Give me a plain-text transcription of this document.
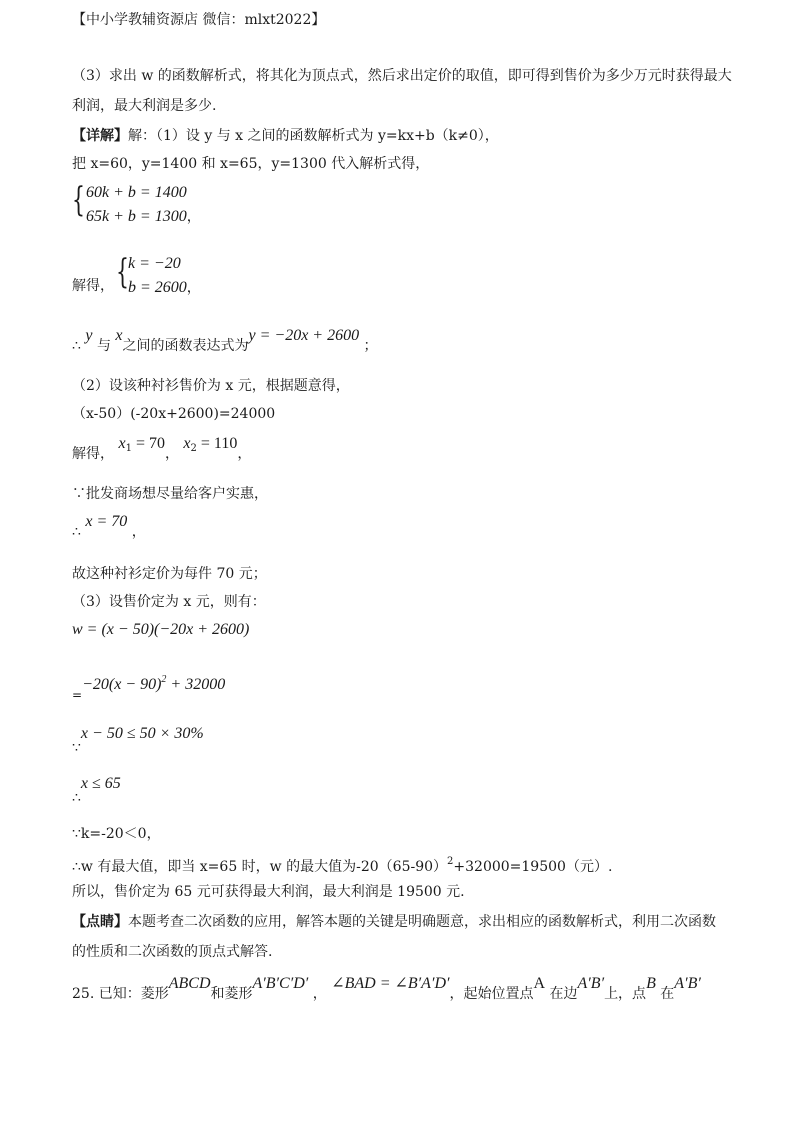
【中小学教辅资源店 微信：mlxt2022】
（3）求出 w 的函数解析式，将其化为顶点式，然后求出定价的取值，即可得到售价为多少万元时获得最大
利润，最大利润是多少.
【详解】解：（1）设 y 与 x 之间的函数解析式为 y=kx+b（k≠0），
把 x=60，y=1400 和 x=65，y=1300 代入解析式得，
{ 60k + b = 1400
65k + b = 1300，
解得， { k = −20
b = 2600，
∴ y 与 x之间的函数表达式为y = −20x + 2600 ；
（2）设该种衬衫售价为 x 元，根据题意得，
（x-50）(-20x+2600)=24000
解得， $x_1 = 70$， $x_2 = 110$，
∵批发商场想尽量给客户实惠，
∴ x = 70 ，
故这种衬衫定价为每件 70 元；
（3）设售价定为 x 元，则有：
w = (x − 50)(−20x + 2600)
$=-20(x - 90)^2 + 32000$
∵x − 50 ≤ 50 × 30%
∴x ≤ 65
∵k=-20＜0，
∴w 有最大值，即当 x=65 时，w 的最大值为$-20(65-90)^2+32000=19500$（元）.
所以，售价定为 65 元可获得最大利润，最大利润是 19500 元.
【点睛】本题考查二次函数的应用，解答本题的关键是明确题意，求出相应的函数解析式，利用二次函数
的性质和二次函数的顶点式解答.
25. 已知：菱形ABCD和菱形A′B′C′D′ ， ∠BAD = ∠B′A′D′，起始位置点A 在边A′B′上，点B 在A′B′
